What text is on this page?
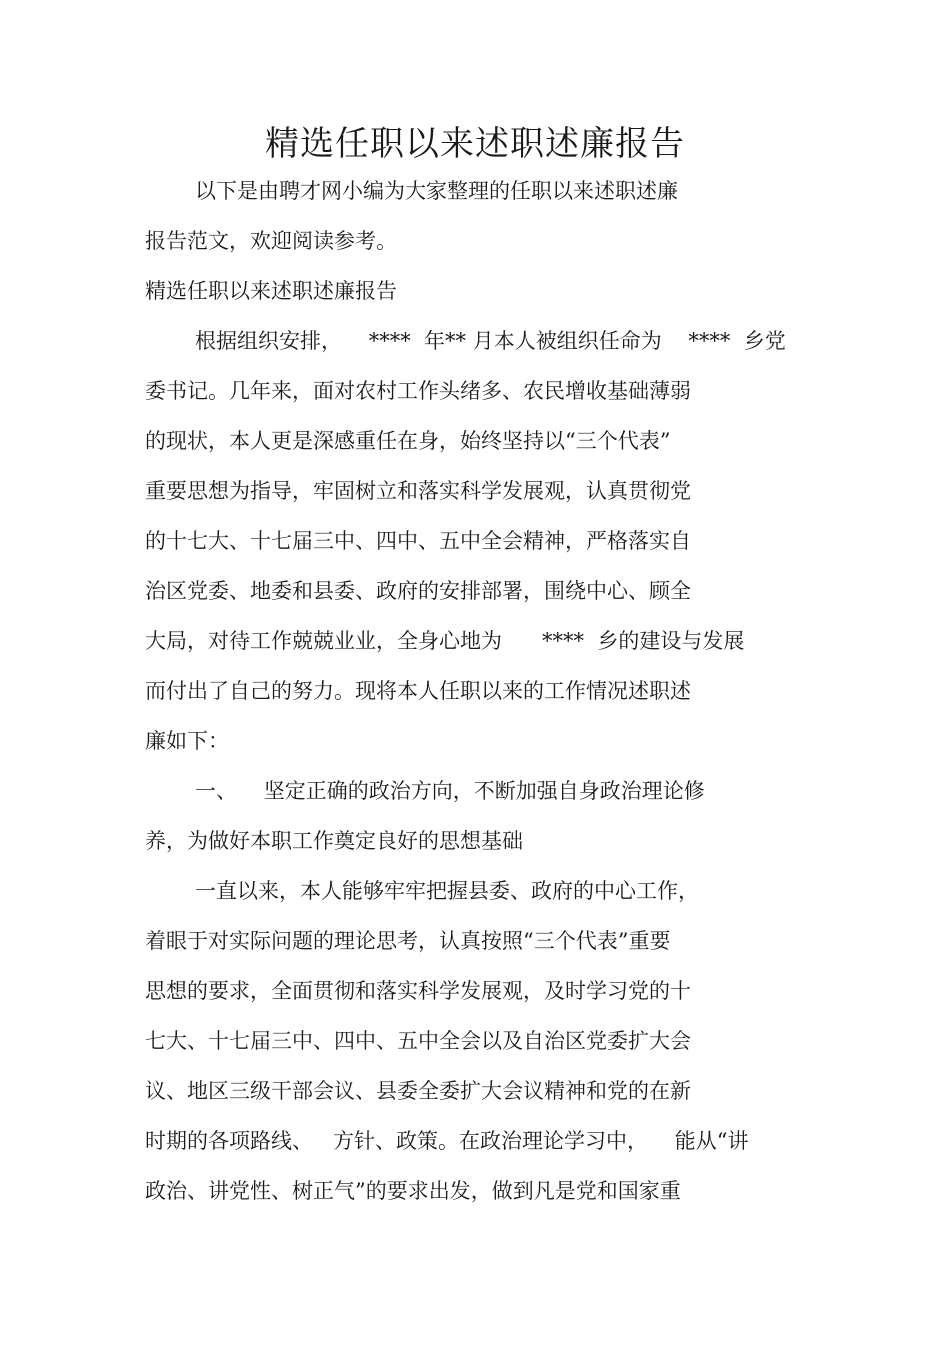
精选任职以来述职述廉报告

以下是由聘才网小编为大家整理的任职以来述职述廉

报告范文，欢迎阅读参考。

精选任职以来述职述廉报告

根据组织安排，    ****  年** 月本人被组织任命为    ****  乡党

委书记。几年来，面对农村工作头绪多、农民增收基础薄弱

的现状，本人更是深感重任在身，始终坚持以“三个代表”

重要思想为指导，牢固树立和落实科学发展观，认真贯彻党

的十七大、十七届三中、四中、五中全会精神，严格落实自

治区党委、地委和县委、政府的安排部署，围绕中心、顾全

大局，对待工作兢兢业业，全身心地为      ****  乡的建设与发展

而付出了自己的努力。现将本人任职以来的工作情况述职述

廉如下：

一、    坚定正确的政治方向，不断加强自身政治理论修

养，为做好本职工作奠定良好的思想基础

一直以来，本人能够牢牢把握县委、政府的中心工作，

着眼于对实际问题的理论思考，认真按照“三个代表”重要

思想的要求，全面贯彻和落实科学发展观，及时学习党的十

七大、十七届三中、四中、五中全会以及自治区党委扩大会

议、地区三级干部会议、县委全委扩大会议精神和党的在新

时期的各项路线、   方针、政策。在政治理论学习中，    能从“讲

政治、讲党性、树正气”的要求出发，做到凡是党和国家重
